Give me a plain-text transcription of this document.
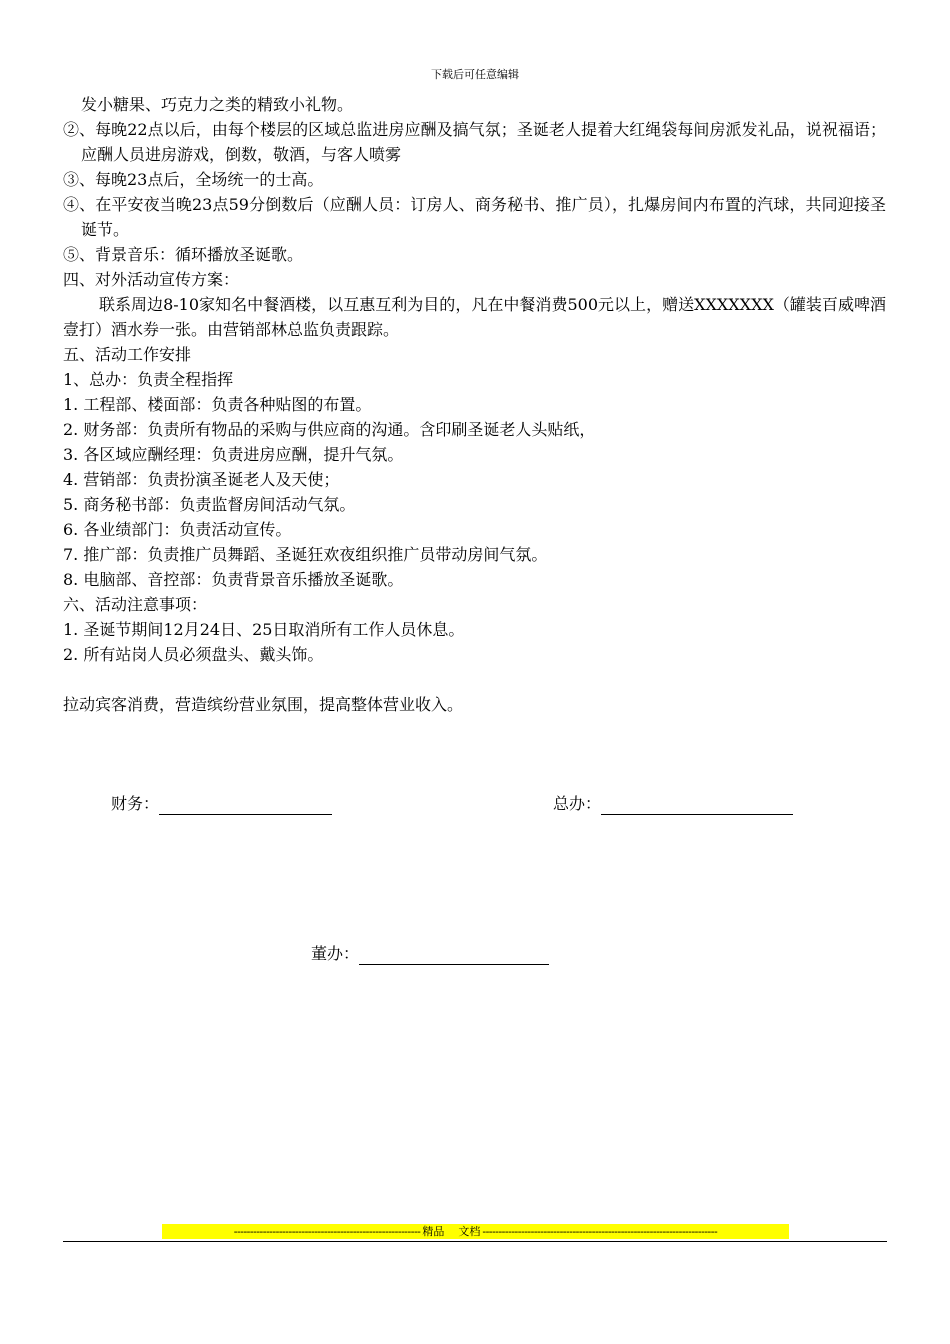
下载后可任意编辑
发小糖果、巧克力之类的精致小礼物。
②、每晚22点以后，由每个楼层的区域总监进房应酬及搞气氛；圣诞老人提着大红绳袋每间房派发礼品，说祝福语；应酬人员进房游戏，倒数，敬酒，与客人喷雾
③、每晚23点后，全场统一的士高。
④、在平安夜当晚23点59分倒数后（应酬人员：订房人、商务秘书、推广员），扎爆房间内布置的汽球，共同迎接圣诞节。
⑤、背景音乐：循环播放圣诞歌。
四、对外活动宣传方案：
联系周边8-10家知名中餐酒楼，以互惠互利为目的，凡在中餐消费500元以上，赠送XXXXXXX（罐装百威啤酒壹打）酒水券一张。由营销部林总监负责跟踪。
五、活动工作安排
1、总办：负责全程指挥
1. 工程部、楼面部：负责各种贴图的布置。
2. 财务部：负责所有物品的采购与供应商的沟通。含印刷圣诞老人头贴纸，
3. 各区域应酬经理：负责进房应酬，提升气氛。
4. 营销部：负责扮演圣诞老人及天使；
5. 商务秘书部：负责监督房间活动气氛。
6. 各业绩部门：负责活动宣传。
7. 推广部：负责推广员舞蹈、圣诞狂欢夜组织推广员带动房间气氛。
8. 电脑部、音控部：负责背景音乐播放圣诞歌。
六、活动注意事项：
1. 圣诞节期间12月24日、25日取消所有工作人员休息。
2. 所有站岗人员必须盘头、戴头饰。
拉动宾客消费，营造缤纷营业氛围，提高整体营业收入。
财务：	总办：
董办：
---------------------------------------------------------- 精品 文档 -------------------------------------------------------------------------
